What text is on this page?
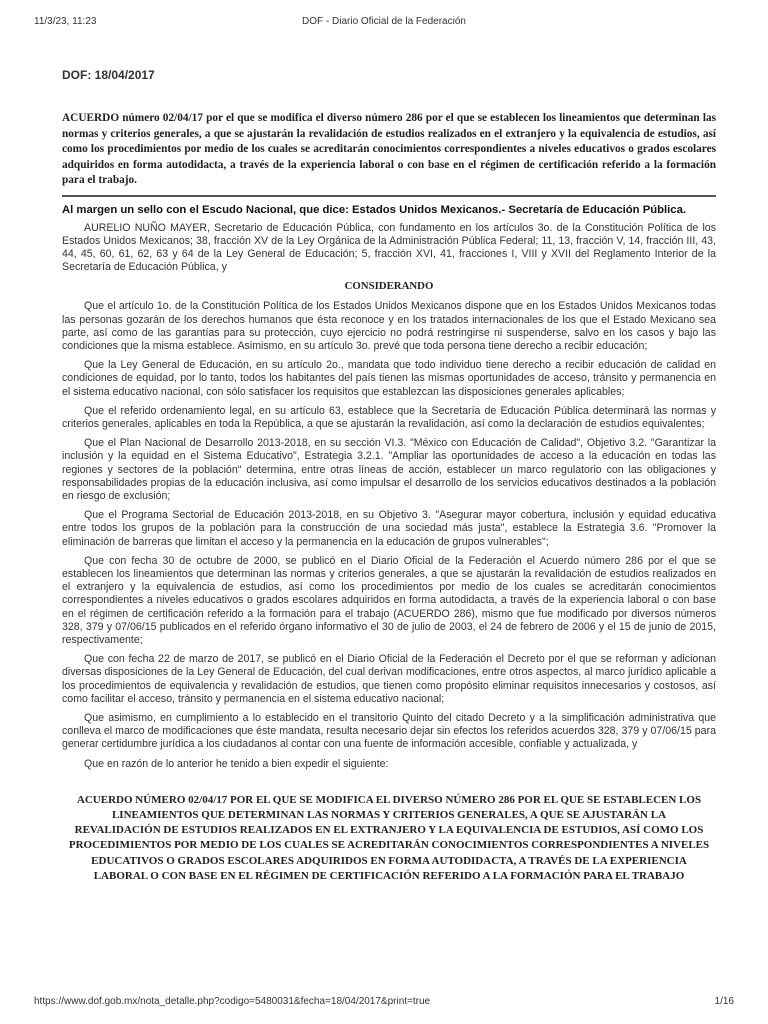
11/3/23, 11:23	DOF - Diario Oficial de la Federación
DOF: 18/04/2017

ACUERDO número 02/04/17 por el que se modifica el diverso número 286 por el que se establecen los lineamientos que determinan las normas y criterios generales, a que se ajustarán la revalidación de estudios realizados en el extranjero y la equivalencia de estudios, así como los procedimientos por medio de los cuales se acreditarán conocimientos correspondientes a niveles educativos o grados escolares adquiridos en forma autodidacta, a través de la experiencia laboral o con base en el régimen de certificación referido a la formación para el trabajo.

Al margen un sello con el Escudo Nacional, que dice: Estados Unidos Mexicanos.- Secretaría de Educación Pública.

AURELIO NUÑO MAYER, Secretario de Educación Pública, con fundamento en los artículos 3o. de la Constitución Política de los Estados Unidos Mexicanos; 38, fracción XV de la Ley Orgánica de la Administración Pública Federal; 11, 13, fracción V, 14, fracción III, 43, 44, 45, 60, 61, 62, 63 y 64 de la Ley General de Educación; 5, fracción XVI, 41, fracciones I, VIII y XVII del Reglamento Interior de la Secretaría de Educación Pública, y

CONSIDERANDO

Que el artículo 1o. de la Constitución Política de los Estados Unidos Mexicanos dispone que en los Estados Unidos Mexicanos todas las personas gozarán de los derechos humanos que ésta reconoce y en los tratados internacionales de los que el Estado Mexicano sea parte, así como de las garantías para su protección, cuyo ejercicio no podrá restringirse ni suspenderse, salvo en los casos y bajo las condiciones que la misma establece. Asimismo, en su artículo 3o. prevé que toda persona tiene derecho a recibir educación;

Que la Ley General de Educación, en su artículo 2o., mandata que todo individuo tiene derecho a recibir educación de calidad en condiciones de equidad, por lo tanto, todos los habitantes del país tienen las mismas oportunidades de acceso, tránsito y permanencia en el sistema educativo nacional, con sólo satisfacer los requisitos que establezcan las disposiciones generales aplicables;

Que el referido ordenamiento legal, en su artículo 63, establece que la Secretaría de Educación Pública determinará las normas y criterios generales, aplicables en toda la República, a que se ajustarán la revalidación, así como la declaración de estudios equivalentes;

Que el Plan Nacional de Desarrollo 2013-2018, en su sección VI.3. "México con Educación de Calidad", Objetivo 3.2. "Garantizar la inclusión y la equidad en el Sistema Educativo", Estrategia 3.2.1. "Ampliar las oportunidades de acceso a la educación en todas las regiones y sectores de la población" determina, entre otras líneas de acción, establecer un marco regulatorio con las obligaciones y responsabilidades propias de la educación inclusiva, así como impulsar el desarrollo de los servicios educativos destinados a la población en riesgo de exclusión;

Que el Programa Sectorial de Educación 2013-2018, en su Objetivo 3. "Asegurar mayor cobertura, inclusión y equidad educativa entre todos los grupos de la población para la construcción de una sociedad más justa", establece la Estrategia 3.6. "Promover la eliminación de barreras que limitan el acceso y la permanencia en la educación de grupos vulnerables";

Que con fecha 30 de octubre de 2000, se publicó en el Diario Oficial de la Federación el Acuerdo número 286 por el que se establecen los lineamientos que determinan las normas y criterios generales, a que se ajustarán la revalidación de estudios realizados en el extranjero y la equivalencia de estudios, así como los procedimientos por medio de los cuales se acreditarán conocimientos correspondientes a niveles educativos o grados escolares adquiridos en forma autodidacta, a través de la experiencia laboral o con base en el régimen de certificación referido a la formación para el trabajo (ACUERDO 286), mismo que fue modificado por diversos números 328, 379 y 07/06/15 publicados en el referido órgano informativo el 30 de julio de 2003, el 24 de febrero de 2006 y el 15 de junio de 2015, respectivamente;

Que con fecha 22 de marzo de 2017, se publicó en el Diario Oficial de la Federación el Decreto por el que se reforman y adicionan diversas disposiciones de la Ley General de Educación, del cual derivan modificaciones, entre otros aspectos, al marco jurídico aplicable a los procedimientos de equivalencia y revalidación de estudios, que tienen como propósito eliminar requisitos innecesarios y costosos, así como facilitar el acceso, tránsito y permanencia en el sistema educativo nacional;

Que asimismo, en cumplimiento a lo establecido en el transitorio Quinto del citado Decreto y a la simplificación administrativa que conlleva el marco de modificaciones que éste mandata, resulta necesario dejar sin efectos los referidos acuerdos 328, 379 y 07/06/15 para generar certidumbre jurídica a los ciudadanos al contar con una fuente de información accesible, confiable y actualizada, y

Que en razón de lo anterior he tenido a bien expedir el siguiente:

ACUERDO NÚMERO 02/04/17 POR EL QUE SE MODIFICA EL DIVERSO NÚMERO 286 POR EL QUE SE ESTABLECEN LOS LINEAMIENTOS QUE DETERMINAN LAS NORMAS Y CRITERIOS GENERALES, A QUE SE AJUSTARÁN LA REVALIDACIÓN DE ESTUDIOS REALIZADOS EN EL EXTRANJERO Y LA EQUIVALENCIA DE ESTUDIOS, ASÍ COMO LOS PROCEDIMIENTOS POR MEDIO DE LOS CUALES SE ACREDITARÁN CONOCIMIENTOS CORRESPONDIENTES A NIVELES EDUCATIVOS O GRADOS ESCOLARES ADQUIRIDOS EN FORMA AUTODIDACTA, A TRAVÉS DE LA EXPERIENCIA LABORAL O CON BASE EN EL RÉGIMEN DE CERTIFICACIÓN REFERIDO A LA FORMACIÓN PARA EL TRABAJO

https://www.dof.gob.mx/nota_detalle.php?codigo=5480031&fecha=18/04/2017&print=true	1/16
